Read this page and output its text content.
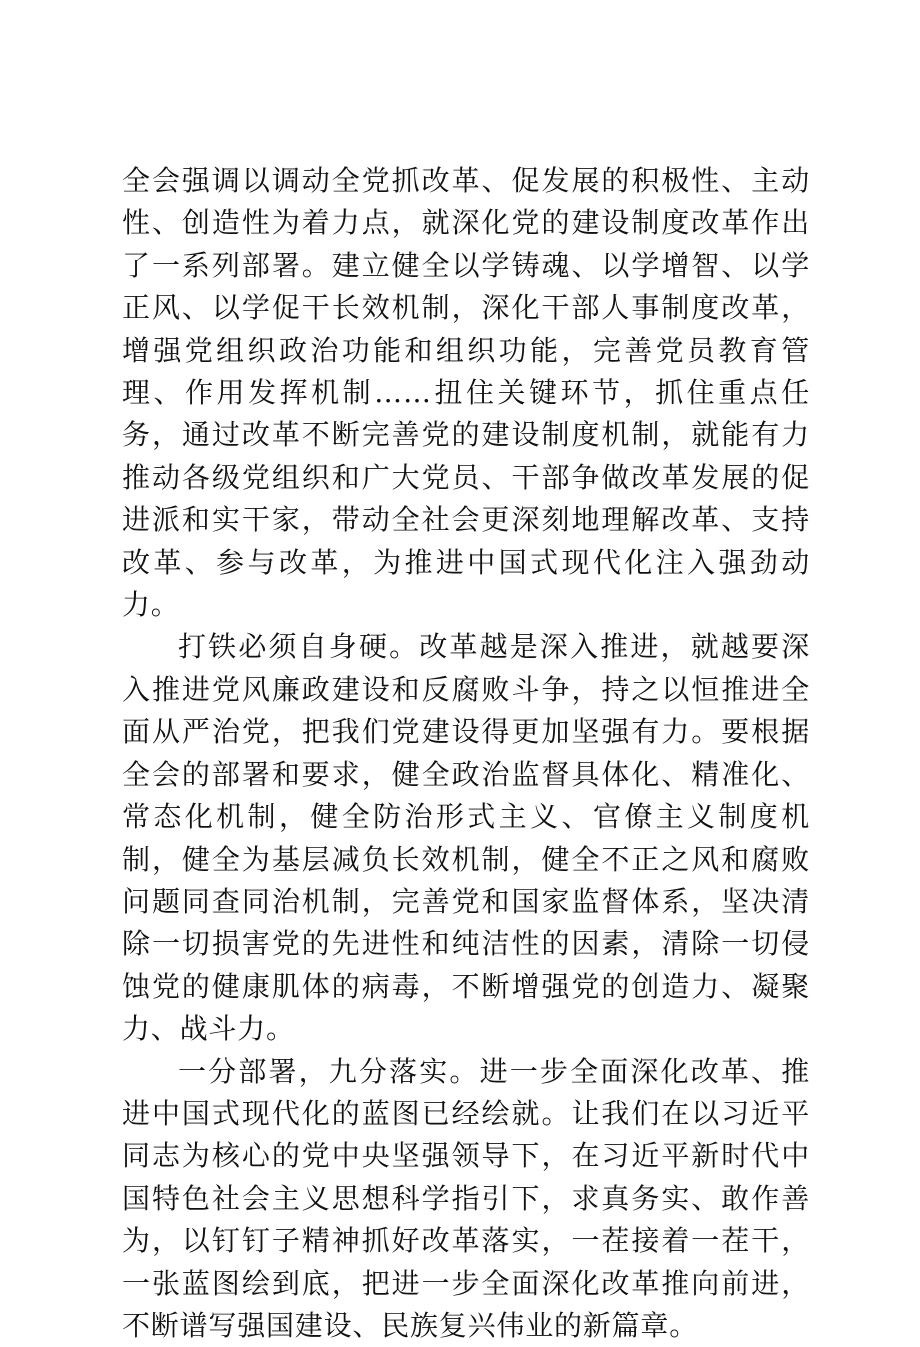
全会强调以调动全党抓改革、促发展的积极性、主动性、创造性为着力点，就深化党的建设制度改革作出了一系列部署。建立健全以学铸魂、以学增智、以学正风、以学促干长效机制，深化干部人事制度改革，增强党组织政治功能和组织功能，完善党员教育管理、作用发挥机制……扭住关键环节，抓住重点任务，通过改革不断完善党的建设制度机制，就能有力推动各级党组织和广大党员、干部争做改革发展的促进派和实干家，带动全社会更深刻地理解改革、支持改革、参与改革，为推进中国式现代化注入强劲动力。

打铁必须自身硬。改革越是深入推进，就越要深入推进党风廉政建设和反腐败斗争，持之以恒推进全面从严治党，把我们党建设得更加坚强有力。要根据全会的部署和要求，健全政治监督具体化、精准化、常态化机制，健全防治形式主义、官僚主义制度机制，健全为基层减负长效机制，健全不正之风和腐败问题同查同治机制，完善党和国家监督体系，坚决清除一切损害党的先进性和纯洁性的因素，清除一切侵蚀党的健康肌体的病毒，不断增强党的创造力、凝聚力、战斗力。

一分部署，九分落实。进一步全面深化改革、推进中国式现代化的蓝图已经绘就。让我们在以习近平同志为核心的党中央坚强领导下，在习近平新时代中国特色社会主义思想科学指引下，求真务实、敢作善为，以钉钉子精神抓好改革落实，一茬接着一茬干，一张蓝图绘到底，把进一步全面深化改革推向前进，不断谱写强国建设、民族复兴伟业的新篇章。
